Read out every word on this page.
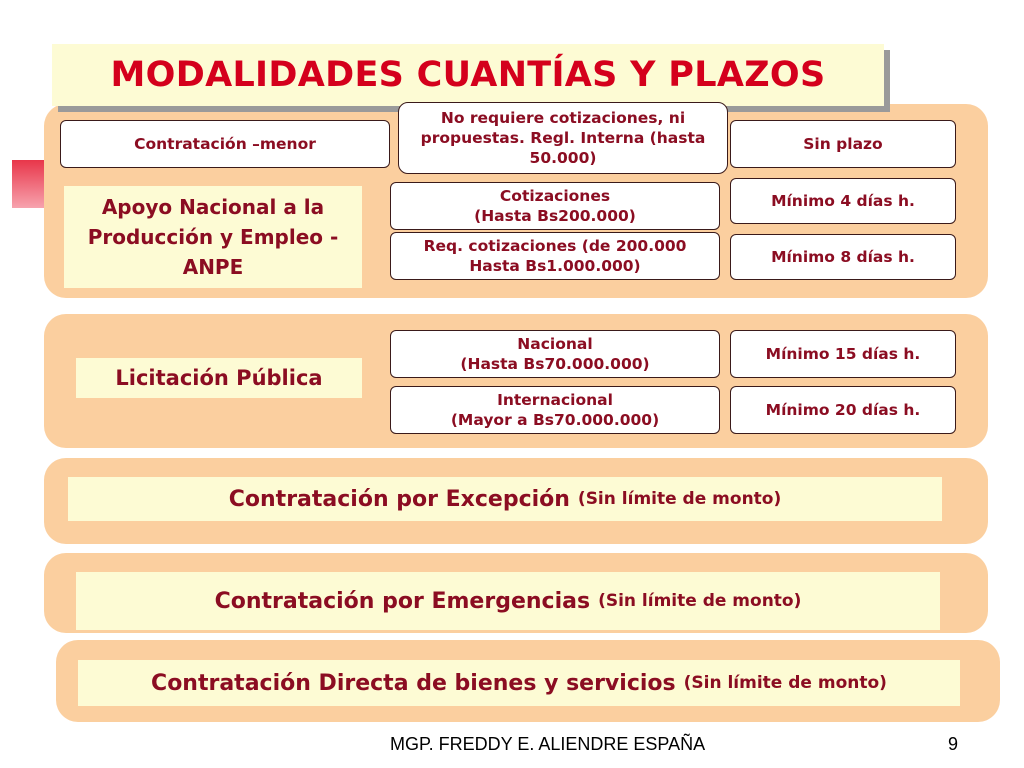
MODALIDADES CUANTÍAS Y PLAZOS
Contratación –menor
No requiere cotizaciones, ni propuestas. Regl. Interna (hasta 50.000)
Sin plazo
Apoyo Nacional a la Producción y Empleo - ANPE
Cotizaciones
(Hasta Bs200.000)
Mínimo 4 días h.
Req. cotizaciones (de 200.000
Hasta Bs1.000.000)	Mínimo 8 días h.
Licitación Pública
Nacional
(Hasta Bs70.000.000)
Mínimo 15 días h.
Internacional
(Mayor a Bs70.000.000)
Mínimo 20 días h.
Contratación por Excepción (Sin límite de monto)
Contratación por Emergencias (Sin límite de monto)
Contratación Directa de bienes y servicios (Sin límite de monto)
MGP. FREDDY E. ALIENDRE ESPAÑA	9
